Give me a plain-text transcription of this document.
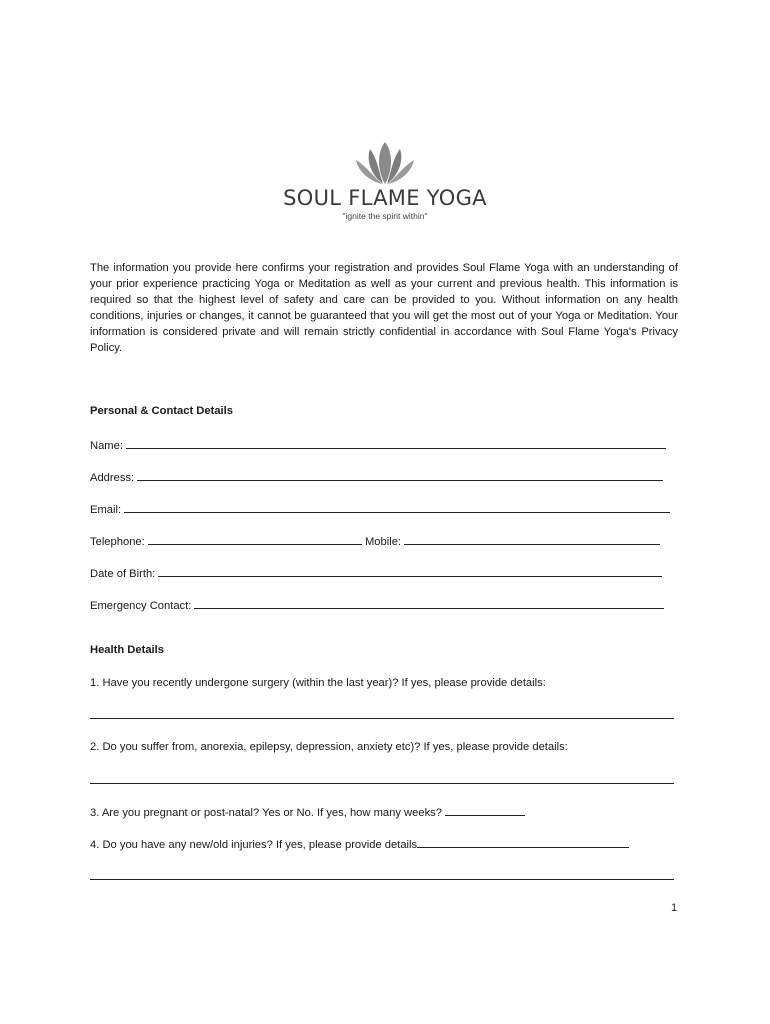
SOUL FLAME YOGA
"ignite the spirit within"

The information you provide here confirms your registration and provides Soul Flame Yoga with an understanding of your prior experience practicing Yoga or Meditation as well as your current and previous health. This information is required so that the highest level of safety and care can be provided to you. Without information on any health conditions, injuries or changes, it cannot be guaranteed that you will get the most out of your Yoga or Meditation. Your information is considered private and will remain strictly confidential in accordance with Soul Flame Yoga's Privacy Policy.

Personal & Contact Details

Name:
Address:
Email:
Telephone:	Mobile:
Date of Birth:
Emergency Contact:

Health Details

1. Have you recently undergone surgery (within the last year)? If yes, please provide details:
2. Do you suffer from, anorexia, epilepsy, depression, anxiety etc)? If yes, please provide details:
3. Are you pregnant or post-natal? Yes or No. If yes, how many weeks?
4. Do you have any new/old injuries? If yes, please provide details
1
